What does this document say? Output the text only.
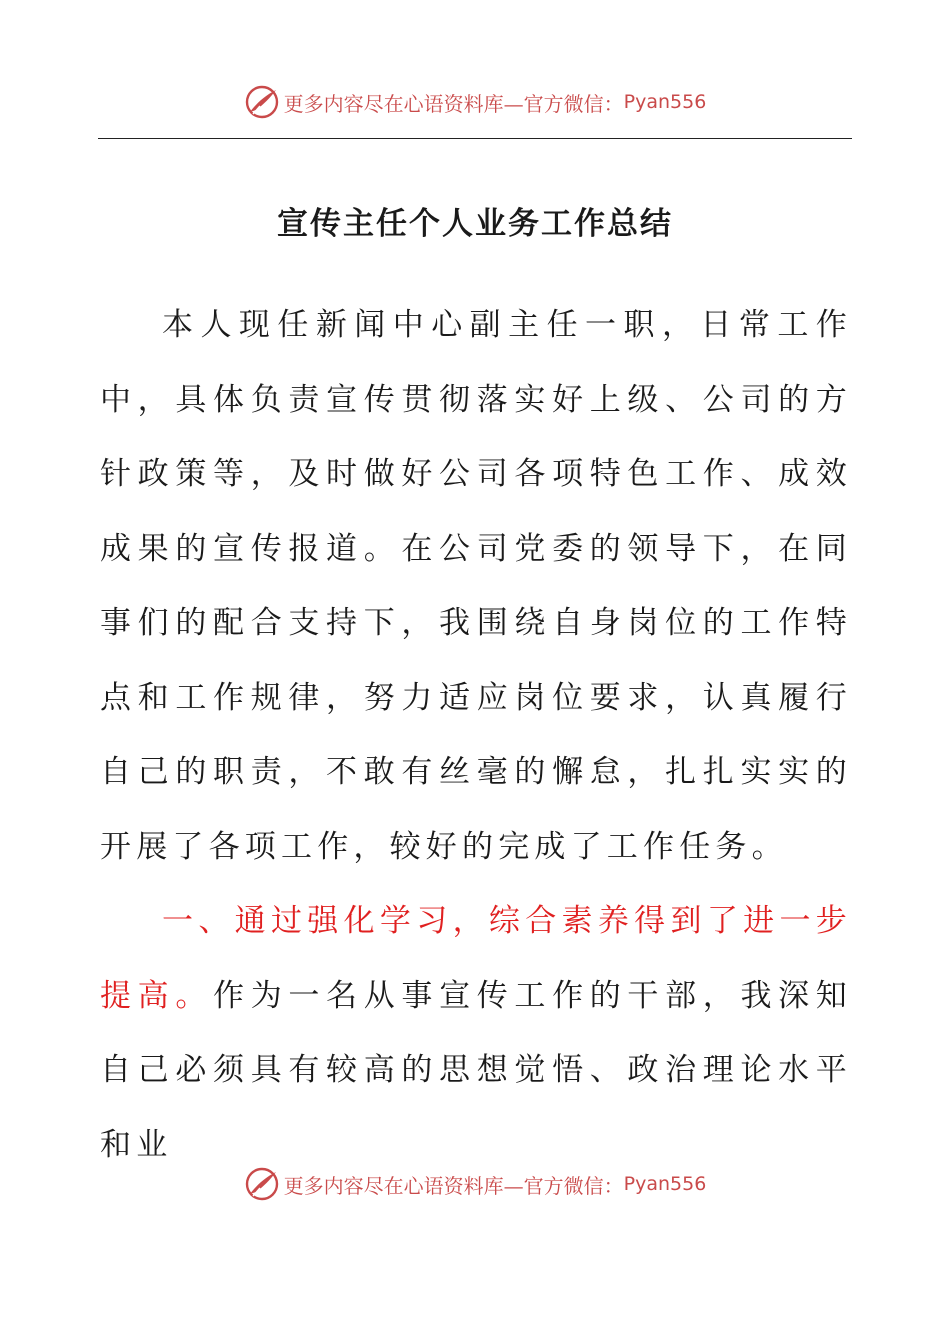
更多内容尽在心语资料库—官方微信： Pyan556
宣传主任个人业务工作总结

本人现任新闻中心副主任一职，日常工作中，具体负责宣传贯彻落实好上级、公司的方针政策等，及时做好公司各项特色工作、成效成果的宣传报道。在公司党委的领导下，在同事们的配合支持下，我围绕自身岗位的工作特点和工作规律，努力适应岗位要求，认真履行自己的职责，不敢有丝毫的懈怠，扎扎实实的开展了各项工作，较好的完成了工作任务。

一、通过强化学习，综合素养得到了进一步提高。作为一名从事宣传工作的干部，我深知自己必须具有较高的思想觉悟、政治理论水平和业

更多内容尽在心语资料库—官方微信： Pyan556
